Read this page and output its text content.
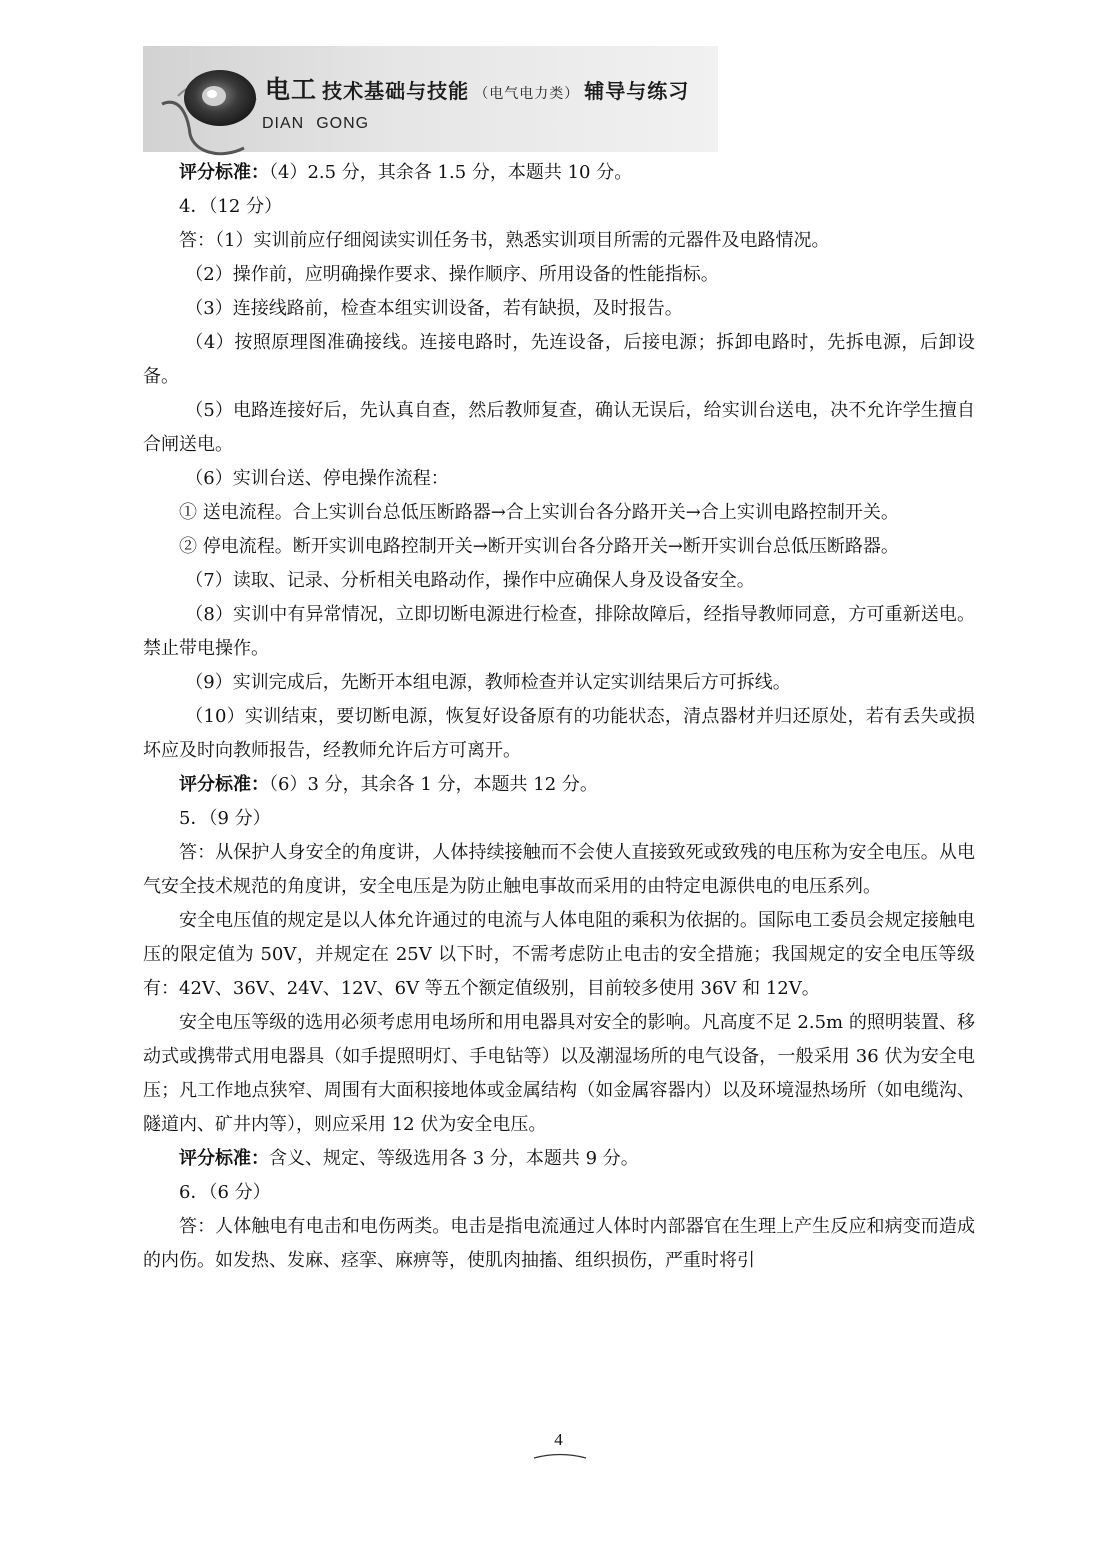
电工 技术基础与技能 （电气电力类） 辅导与练习
DIAN GONG

评分标准：（4）2.5 分，其余各 1.5 分，本题共 10 分。

4．（12 分）

答：（1）实训前应仔细阅读实训任务书，熟悉实训项目所需的元器件及电路情况。

（2）操作前，应明确操作要求、操作顺序、所用设备的性能指标。

（3）连接线路前，检查本组实训设备，若有缺损，及时报告。

（4）按照原理图准确接线。连接电路时，先连设备，后接电源；拆卸电路时，先拆电源，后卸设备。

（5）电路连接好后，先认真自查，然后教师复查，确认无误后，给实训台送电，决不允许学生擅自合闸送电。

（6）实训台送、停电操作流程：

① 送电流程。合上实训台总低压断路器→合上实训台各分路开关→合上实训电路控制开关。

② 停电流程。断开实训电路控制开关→断开实训台各分路开关→断开实训台总低压断路器。

（7）读取、记录、分析相关电路动作，操作中应确保人身及设备安全。

（8）实训中有异常情况，立即切断电源进行检查，排除故障后，经指导教师同意，方可重新送电。禁止带电操作。

（9）实训完成后，先断开本组电源，教师检查并认定实训结果后方可拆线。

（10）实训结束，要切断电源，恢复好设备原有的功能状态，清点器材并归还原处，若有丢失或损坏应及时向教师报告，经教师允许后方可离开。

评分标准：（6）3 分，其余各 1 分，本题共 12 分。

5．（9 分）

答：从保护人身安全的角度讲，人体持续接触而不会使人直接致死或致残的电压称为安全电压。从电气安全技术规范的角度讲，安全电压是为防止触电事故而采用的由特定电源供电的电压系列。

安全电压值的规定是以人体允许通过的电流与人体电阻的乘积为依据的。国际电工委员会规定接触电压的限定值为 50V，并规定在 25V 以下时，不需考虑防止电击的安全措施；我国规定的安全电压等级有：42V、36V、24V、12V、6V 等五个额定值级别，目前较多使用 36V 和 12V。

安全电压等级的选用必须考虑用电场所和用电器具对安全的影响。凡高度不足 2.5m 的照明装置、移动式或携带式用电器具（如手提照明灯、手电钻等）以及潮湿场所的电气设备，一般采用 36 伏为安全电压；凡工作地点狭窄、周围有大面积接地体或金属结构（如金属容器内）以及环境湿热场所（如电缆沟、隧道内、矿井内等），则应采用 12 伏为安全电压。

评分标准：含义、规定、等级选用各 3 分，本题共 9 分。

6．（6 分）

答：人体触电有电击和电伤两类。电击是指电流通过人体时内部器官在生理上产生反应和病变而造成的内伤。如发热、发麻、痉挛、麻痹等，使肌肉抽搐、组织损伤，严重时将引

4
